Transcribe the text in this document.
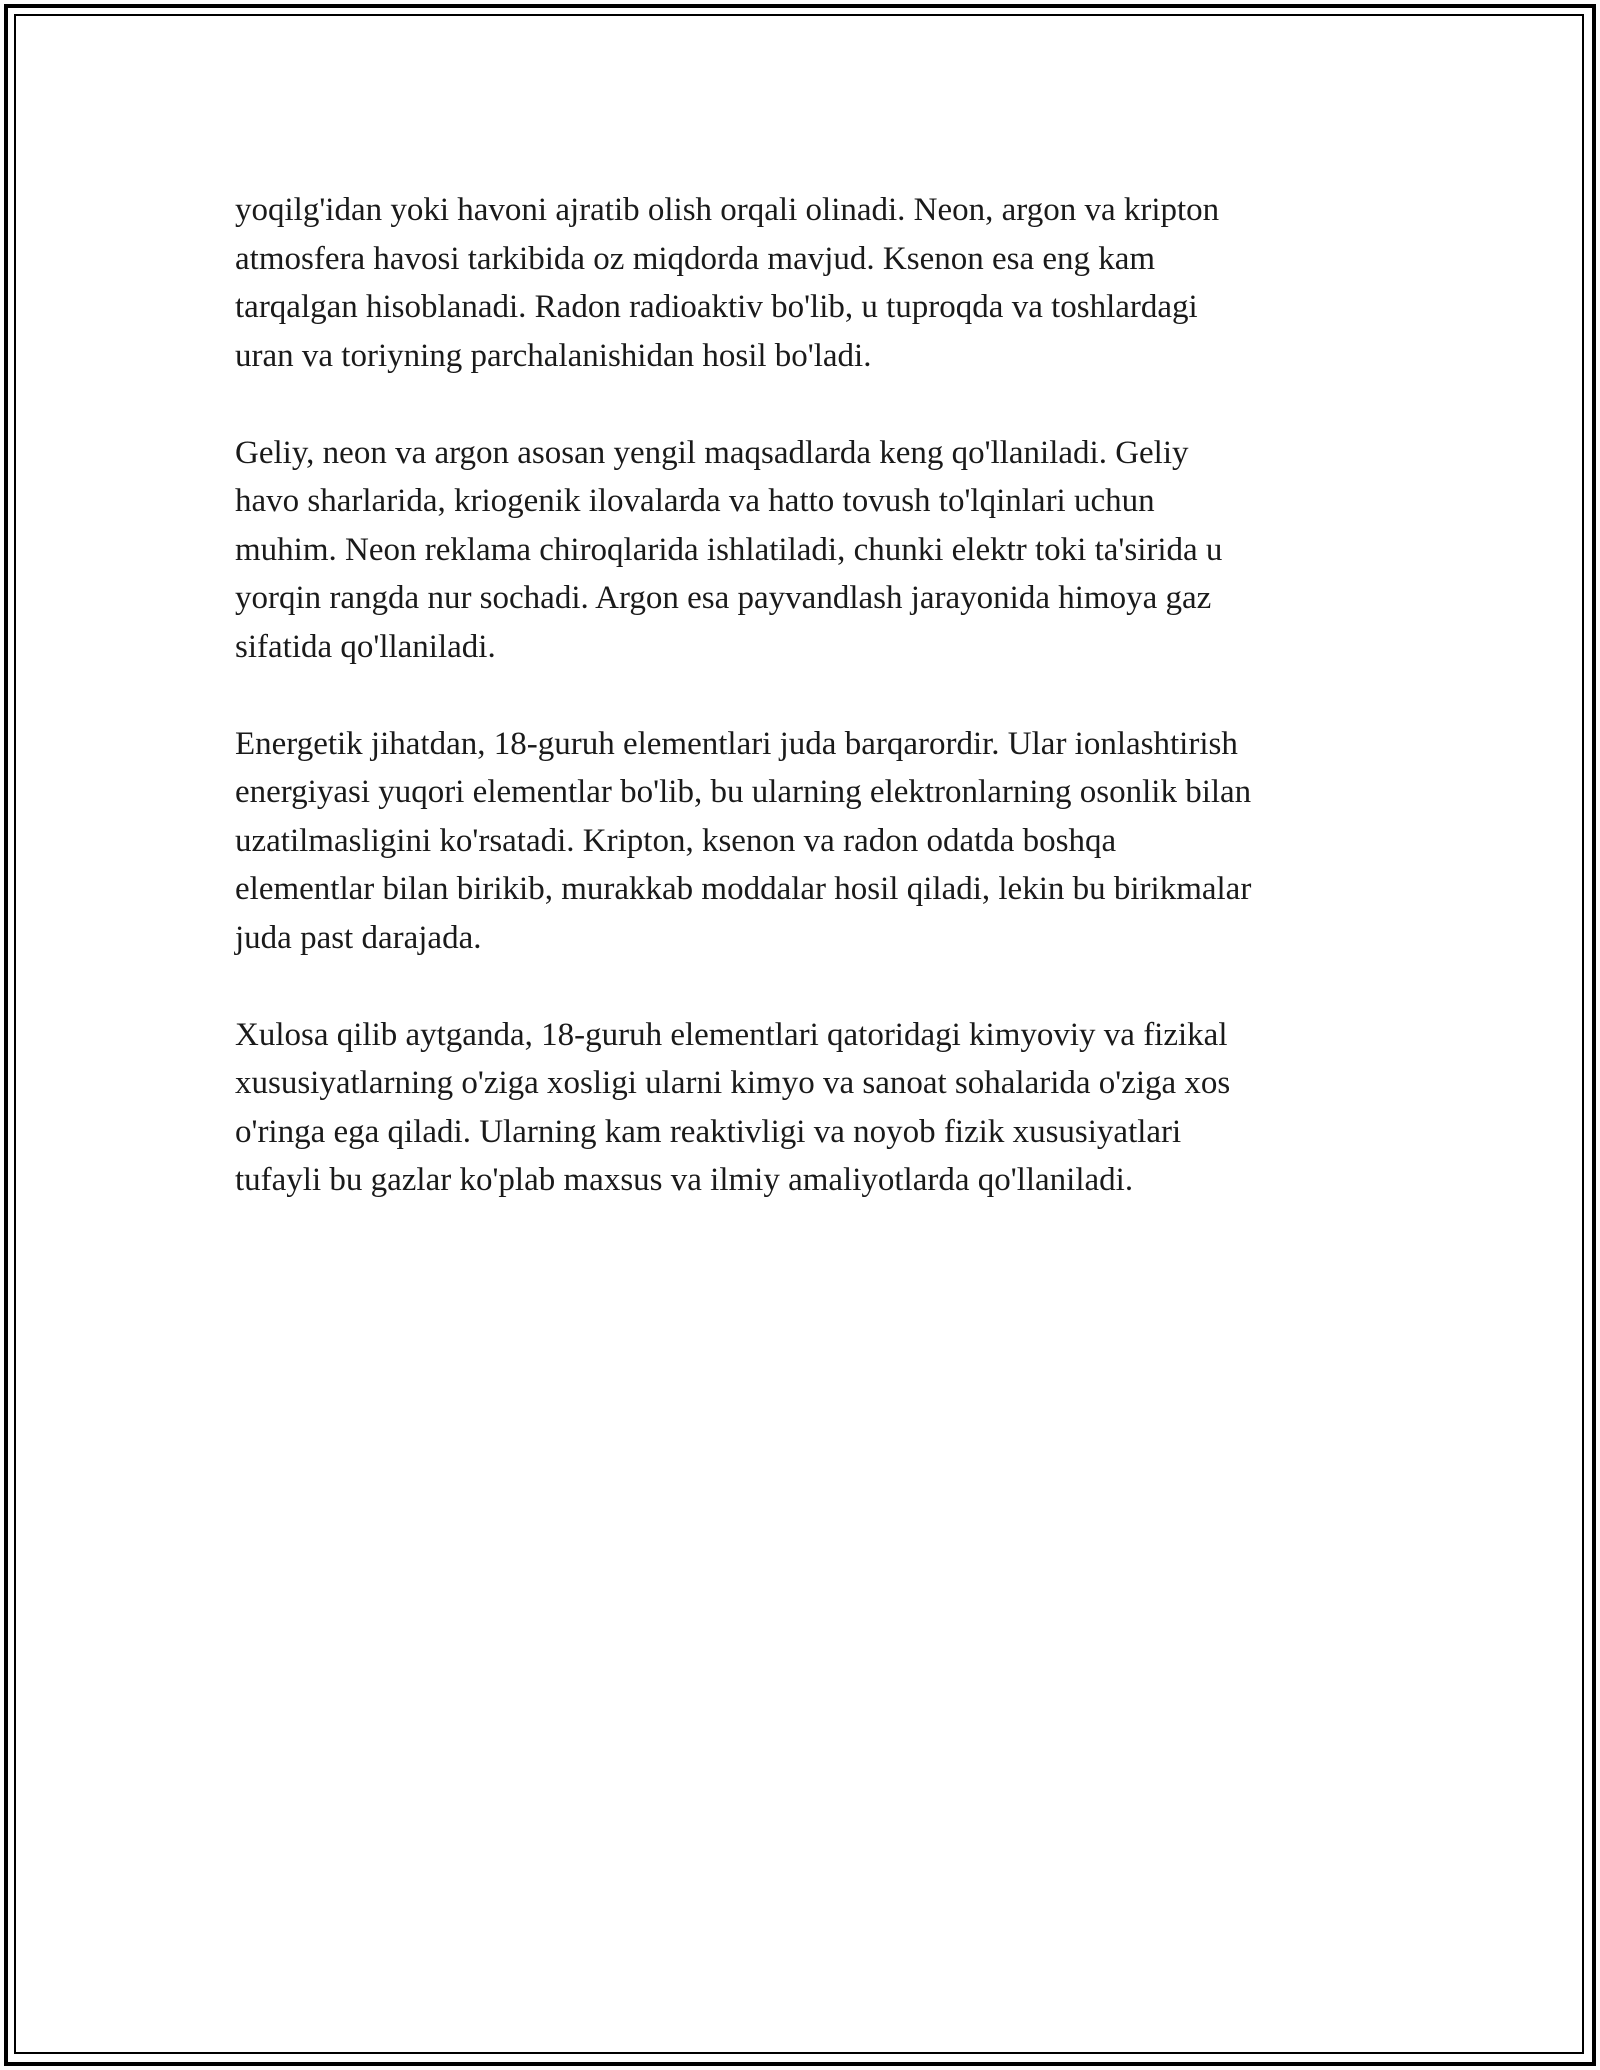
yoqilg'idan yoki havoni ajratib olish orqali olinadi. Neon, argon va kripton
atmosfera havosi tarkibida oz miqdorda mavjud. Ksenon esa eng kam
tarqalgan hisoblanadi. Radon radioaktiv bo'lib, u tuproqda va toshlardagi
uran va toriyning parchalanishidan hosil bo'ladi.

Geliy, neon va argon asosan yengil maqsadlarda keng qo'llaniladi. Geliy
havo sharlarida, kriogenik ilovalarda va hatto tovush to'lqinlari uchun
muhim. Neon reklama chiroqlarida ishlatiladi, chunki elektr toki ta'sirida u
yorqin rangda nur sochadi. Argon esa payvandlash jarayonida himoya gaz
sifatida qo'llaniladi.

Energetik jihatdan, 18-guruh elementlari juda barqarordir. Ular ionlashtirish
energiyasi yuqori elementlar bo'lib, bu ularning elektronlarning osonlik bilan
uzatilmasligini ko'rsatadi. Kripton, ksenon va radon odatda boshqa
elementlar bilan birikib, murakkab moddalar hosil qiladi, lekin bu birikmalar
juda past darajada.

Xulosa qilib aytganda, 18-guruh elementlari qatoridagi kimyoviy va fizikal
xususiyatlarning o'ziga xosligi ularni kimyo va sanoat sohalarida o'ziga xos
o'ringa ega qiladi. Ularning kam reaktivligi va noyob fizik xususiyatlari
tufayli bu gazlar ko'plab maxsus va ilmiy amaliyotlarda qo'llaniladi.
